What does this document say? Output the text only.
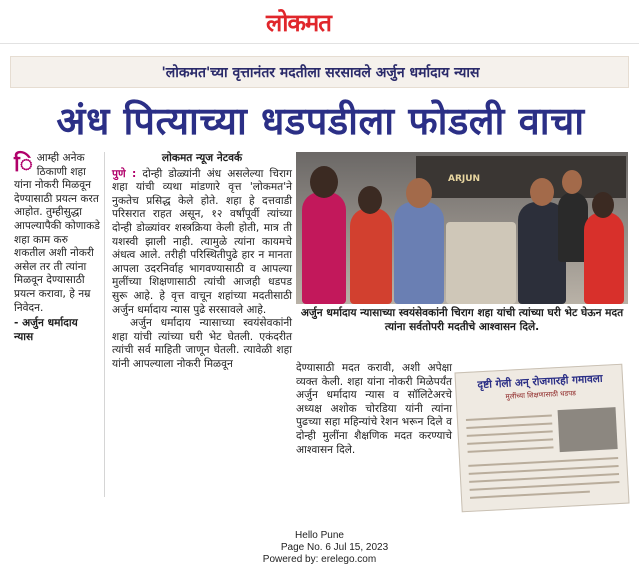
लोकमत
'लोकमत'च्या वृत्तानंतर मदतीला सरसावले अर्जुन धर्मादाय न्यास
अंध पित्याच्या धडपडीला फोडली वाचा
ि आम्ही अनेक ठिकाणी शहा यांना नोकरी मिळवून देण्यासाठी प्रयत्न करत आहोत. तुम्हीसुद्धा आपल्यापैकी कोणाकडे शहा काम करु शकतील अशी नोकरी असेल तर ती त्यांना मिळवून देण्यासाठी प्रयत्न करावा, हे नम्र निवेदन.
- अर्जुन धर्मादाय न्यास
लोकमत न्यूज नेटवर्क

पुणे : दोन्ही डोळ्यांनी अंध असलेल्या चिराग शहा यांची व्यथा मांडणारे वृत्त 'लोकमत'ने नुकतेच प्रसिद्ध केले होते. शहा हे दत्तवाडी परिसरात राहत असून, १२ वर्षांपूर्वी त्यांच्या दोन्ही डोळ्यांवर शस्त्रक्रिया केली होती, मात्र ती यशस्वी झाली नाही. त्यामुळे त्यांना कायमचे अंधत्व आले. तरीही परिस्थितीपुढे हार न मानता आपला उदरनिर्वाह भागवण्यासाठी व आपल्या मुलींच्या शिक्षणासाठी त्यांची आजही धडपड सुरू आहे. हे वृत्त वाचून शहांच्या मदतीसाठी अर्जुन धर्मादाय न्यास पुढे सरसावले आहे.

अर्जुन धर्मादाय न्यासाच्या स्वयंसेवकांनी शहा यांची त्यांच्या घरी भेट घेतली. एकंदरीत त्यांची सर्व माहिती जाणून घेतली. त्यावेळी शहा यांनी आपल्याला नोकरी मिळवून

ARJUN
अर्जुन धर्मादाय न्यासाच्या स्वयंसेवकांनी चिराग शहा यांची त्यांच्या घरी भेट घेऊन मदत त्यांना सर्वतोपरी मदतीचे आश्वासन दिले.

देण्यासाठी मदत करावी, अशी अपेक्षा व्यक्त केली. शहा यांना नोकरी मिळेपर्यंत अर्जुन धर्मादाय न्यास व सॉलिटेअरचे अध्यक्ष अशोक चोरडिया यांनी त्यांना पुढच्या सहा महिन्यांचे रेशन भरून दिले व दोन्ही मुलींना शैक्षणिक मदत करण्याचे आश्वासन दिले.

दृष्टी गेली अन् रोजगारही गमावला
मुलींच्या शिक्षणासाठी धडपड
Hello Pune
Page No. 6 Jul 15, 2023
Powered by: erelego.com
